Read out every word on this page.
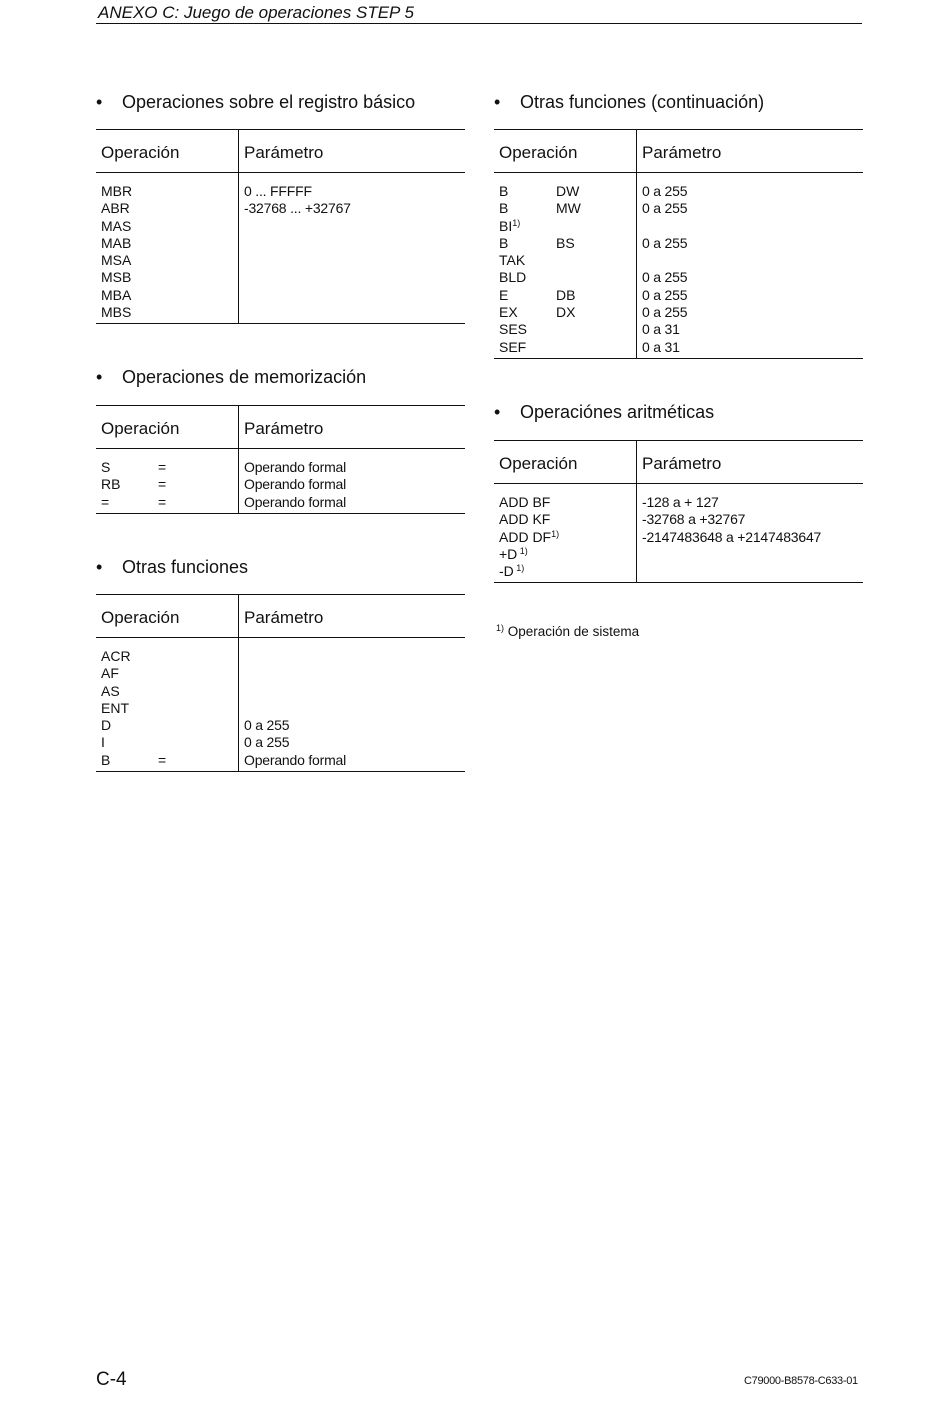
ANEXO C: Juego de operaciones STEP 5
• Operaciones sobre el registro básico
Operación	Parámetro
MBR	0 ... FFFFF
ABR	-32768 ... +32767
MAS
MAB
MSA
MSB
MBA
MBS
• Operaciones de memorización
Operación	Parámetro
S	=	Operando formal
RB	=	Operando formal
=	=	Operando formal
• Otras funciones
Operación	Parámetro
ACR
AF
AS
ENT
D	0 a 255
I	0 a 255
B	=	Operando formal
• Otras funciones (continuación)
Operación	Parámetro
B	DW	0 a 255
B	MW	0 a 255
BI$^{1)}$
B	BS	0 a 255
TAK
BLD	0 a 255
E	DB	0 a 255
EX	DX	0 a 255
SES	0 a 31
SEF	0 a 31
• Operaciónes aritméticas
Operación	Parámetro
ADD BF	-128 a + 127
ADD KF	-32768 a +32767
ADD DF$^{1)}$	-2147483648 a +2147483647
+D $^{1)}$
-D $^{1)}$
$^{1)}$ Operación de sistema
C-4	C79000-B8578-C633-01
